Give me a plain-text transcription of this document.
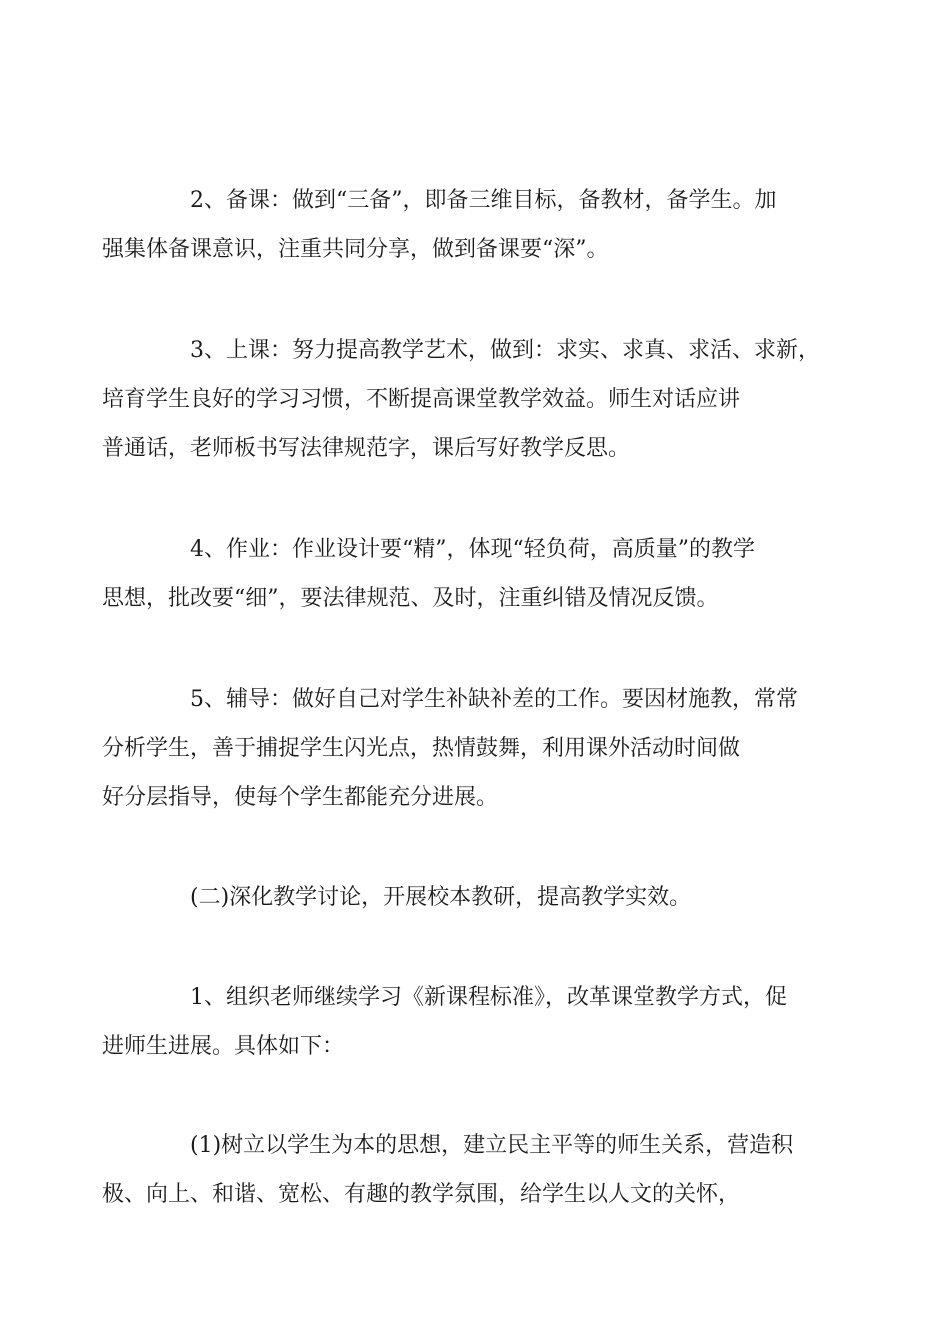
2、备课：做到“三备”，即备三维目标，备教材，备学生。加
强集体备课意识，注重共同分享，做到备课要“深”。

3、上课：努力提高教学艺术，做到：求实、求真、求活、求新，
培育学生良好的学习习惯，不断提高课堂教学效益。师生对话应讲
普通话，老师板书写法律规范字，课后写好教学反思。

4、作业：作业设计要“精”，体现“轻负荷，高质量”的教学
思想，批改要“细”，要法律规范、及时，注重纠错及情况反馈。

5、辅导：做好自己对学生补缺补差的工作。要因材施教，常常
分析学生，善于捕捉学生闪光点，热情鼓舞，利用课外活动时间做
好分层指导，使每个学生都能充分进展。

(二)深化教学讨论，开展校本教研，提高教学实效。

1、组织老师继续学习《新课程标准》，改革课堂教学方式，促
进师生进展。具体如下：

(1)树立以学生为本的思想，建立民主平等的师生关系，营造积
极、向上、和谐、宽松、有趣的教学氛围，给学生以人文的关怀，
